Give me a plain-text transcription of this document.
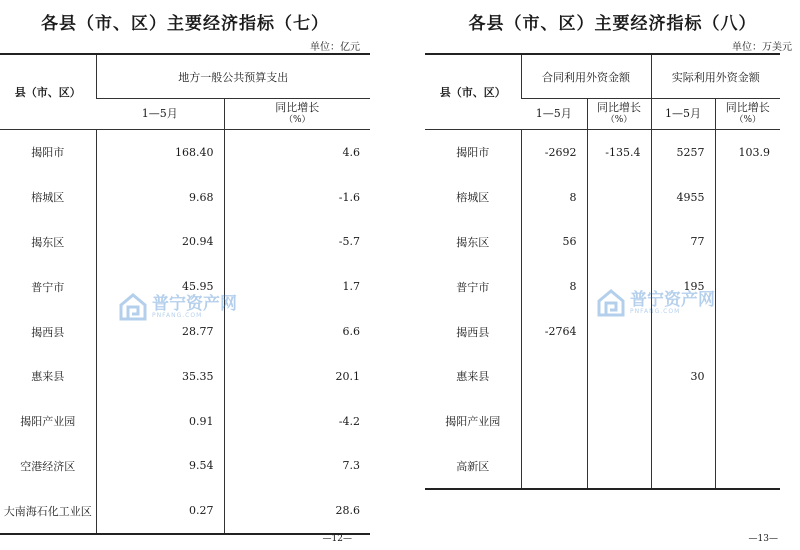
各县（市、区）主要经济指标（七）
单位：亿元
县（市、区）	地方一般公共预算支出	
	1—5月	同比增长
（%）

揭阳市	168.40	4.6
榕城区	9.68	-1.6
揭东区	20.94	-5.7
普宁市	45.95	1.7
揭西县	28.77	6.6
惠来县	35.35	20.1
揭阳产业园	0.91	-4.2
空港经济区	9.54	7.3
大南海石化工业区	0.27	28.6
—12—
各县（市、区）主要经济指标（八）
单位：万美元
县（市、区）	合同利用外资金额		实际利用外资金额	
	1—5月	同比增长
（%）	1—5月	同比增长
（%）

揭阳市	-2692	-135.4	5257	103.9
榕城区	8		4955	
揭东区	56		77	
普宁市	8		195	
揭西县	-2764			
惠来县			30	
揭阳产业园				
高新区				
—13—
普宁资产网
PNFANG.COM
普宁资产网
PNFANG.COM
